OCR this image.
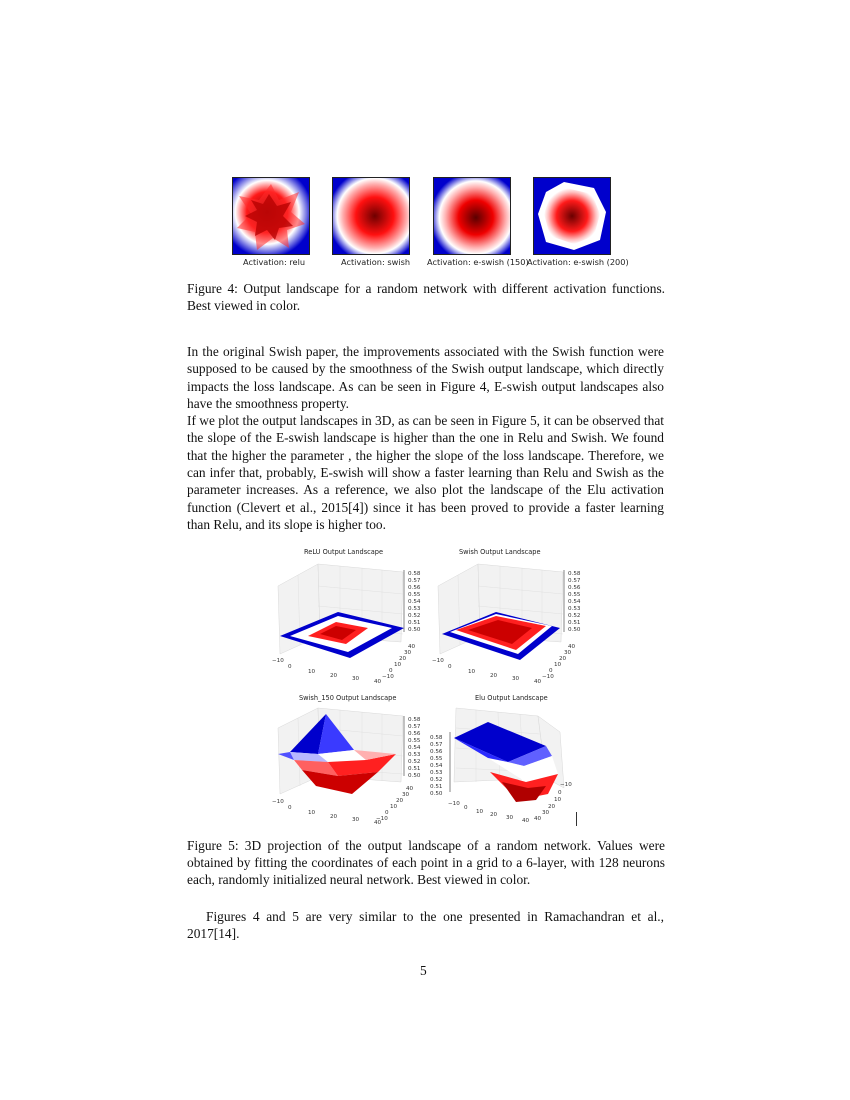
Activation: relu	Activation: swish Activation: e-swish (150)
Activation: e-swish (200)
Figure 4: Output landscape for a random network with different activation functions. Best viewed in color.

In the original Swish paper, the improvements associated with the Swish function were supposed to be caused by the smoothness of the Swish output landscape, which directly impacts the loss landscape. As can be seen in Figure 4, E-swish output landscapes also have the smoothness property.

If we plot the output landscapes in 3D, as can be seen in Figure 5, it can be observed that the slope of the E-swish landscape is higher than the one in Relu and Swish. We found that the higher the parameter , the higher the slope of the loss landscape. Therefore, we can infer that, probably, E-swish will show a faster learning than Relu and Swish as the parameter increases. As a reference, we also plot the landscape of the Elu activation function (Clevert et al., 2015[4]) since it has been proved to provide a faster learning than Relu, and its slope is higher too.

ReLU Output Landscape
0.58
0.57
0.56
0.55
0.54
0.53
0.52
0.51
0.50
−10
0
10
20	30	40
40
30
20
10
0
−10
Swish Output Landscape
0.58
0.57
0.56
0.55
0.54
0.53
0.52
0.51
0.50
−10
0
10
20	30	40
40
30
20
10
0
−10
Swish_150 Output Landscape
0.58
0.57
0.56
0.55
0.54
0.53
0.52
0.51
0.50
−10
0
10
20	30	40
40
30
20
10
0
−10
Elu Output Landscape
0.58
0.57
0.56
0.55
0.54
0.53
0.52
0.51
0.50
−10
0
10 20 30 40
−10
0
10
20
30
40
Figure 5: 3D projection of the output landscape of a random network. Values were obtained by fitting the coordinates of each point in a grid to a 6-layer, with 128 neurons each, randomly initialized neural network. Best viewed in color.
Figures 4 and 5 are very similar to the one presented in Ramachandran et al., 2017[14].
5
